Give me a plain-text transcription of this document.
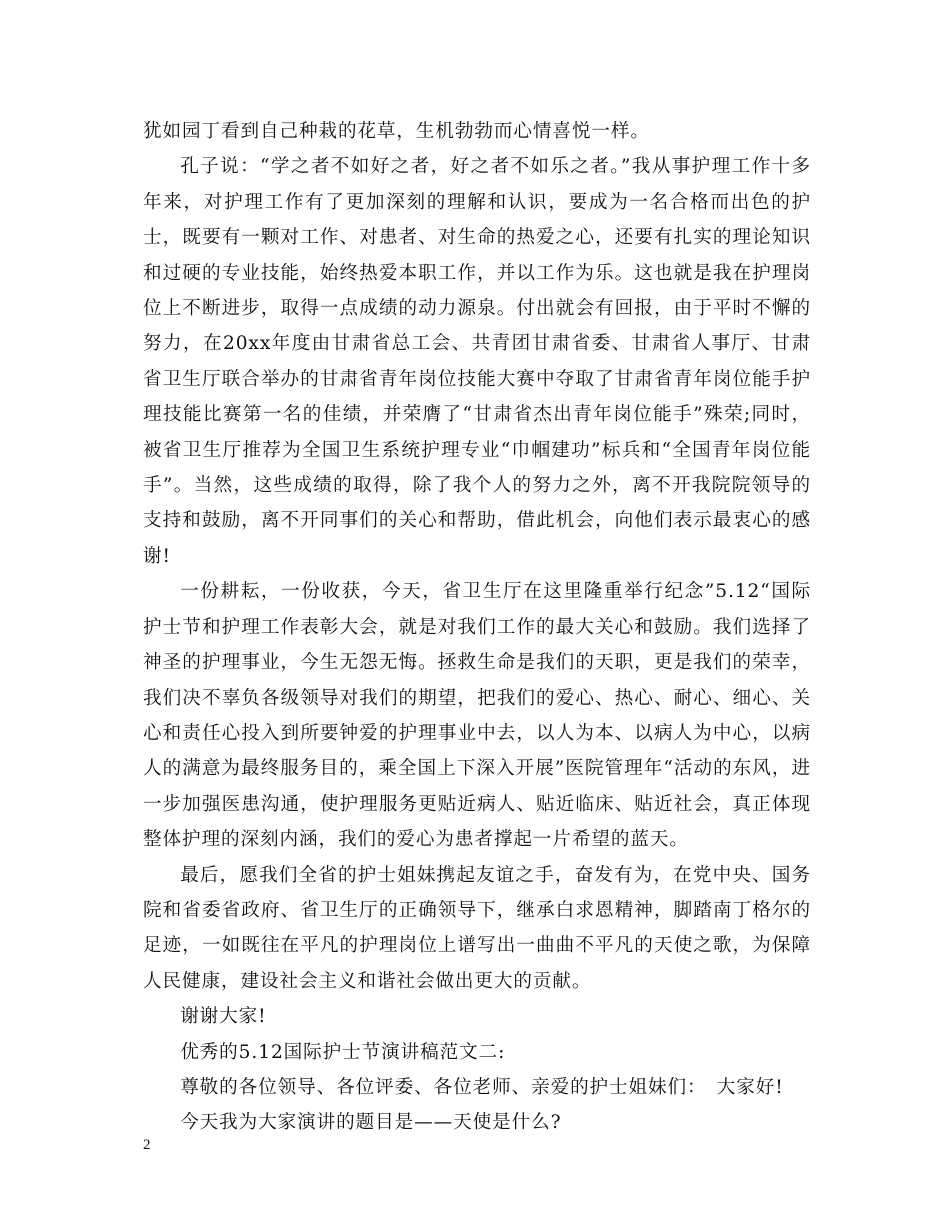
犹如园丁看到自己种栽的花草，生机勃勃而心情喜悦一样。

孔子说：“学之者不如好之者，好之者不如乐之者。”我从事护理工作十多年来，对护理工作有了更加深刻的理解和认识，要成为一名合格而出色的护士，既要有一颗对工作、对患者、对生命的热爱之心，还要有扎实的理论知识和过硬的专业技能，始终热爱本职工作，并以工作为乐。这也就是我在护理岗位上不断进步，取得一点成绩的动力源泉。付出就会有回报，由于平时不懈的努力，在20xx年度由甘肃省总工会、共青团甘肃省委、甘肃省人事厅、甘肃省卫生厅联合举办的甘肃省青年岗位技能大赛中夺取了甘肃省青年岗位能手护理技能比赛第一名的佳绩，并荣膺了“甘肃省杰出青年岗位能手”殊荣;同时，被省卫生厅推荐为全国卫生系统护理专业“巾帼建功”标兵和“全国青年岗位能手”。当然，这些成绩的取得，除了我个人的努力之外，离不开我院院领导的支持和鼓励，离不开同事们的关心和帮助，借此机会，向他们表示最衷心的感谢!

一份耕耘，一份收获，今天，省卫生厅在这里隆重举行纪念”5.12“国际护士节和护理工作表彰大会，就是对我们工作的最大关心和鼓励。我们选择了神圣的护理事业，今生无怨无悔。拯救生命是我们的天职，更是我们的荣幸，我们决不辜负各级领导对我们的期望，把我们的爱心、热心、耐心、细心、关心和责任心投入到所要钟爱的护理事业中去，以人为本、以病人为中心，以病人的满意为最终服务目的，乘全国上下深入开展”医院管理年“活动的东风，进一步加强医患沟通，使护理服务更贴近病人、贴近临床、贴近社会，真正体现整体护理的深刻内涵，我们的爱心为患者撑起一片希望的蓝天。

最后，愿我们全省的护士姐妹携起友谊之手，奋发有为，在党中央、国务院和省委省政府、省卫生厅的正确领导下，继承白求恩精神，脚踏南丁格尔的足迹，一如既往在平凡的护理岗位上谱写出一曲曲不平凡的天使之歌，为保障人民健康，建设社会主义和谐社会做出更大的贡献。

谢谢大家!

优秀的5.12国际护士节演讲稿范文二:

尊敬的各位领导、各位评委、各位老师、亲爱的护士姐妹们：　大家好!

今天我为大家演讲的题目是——天使是什么?

2
